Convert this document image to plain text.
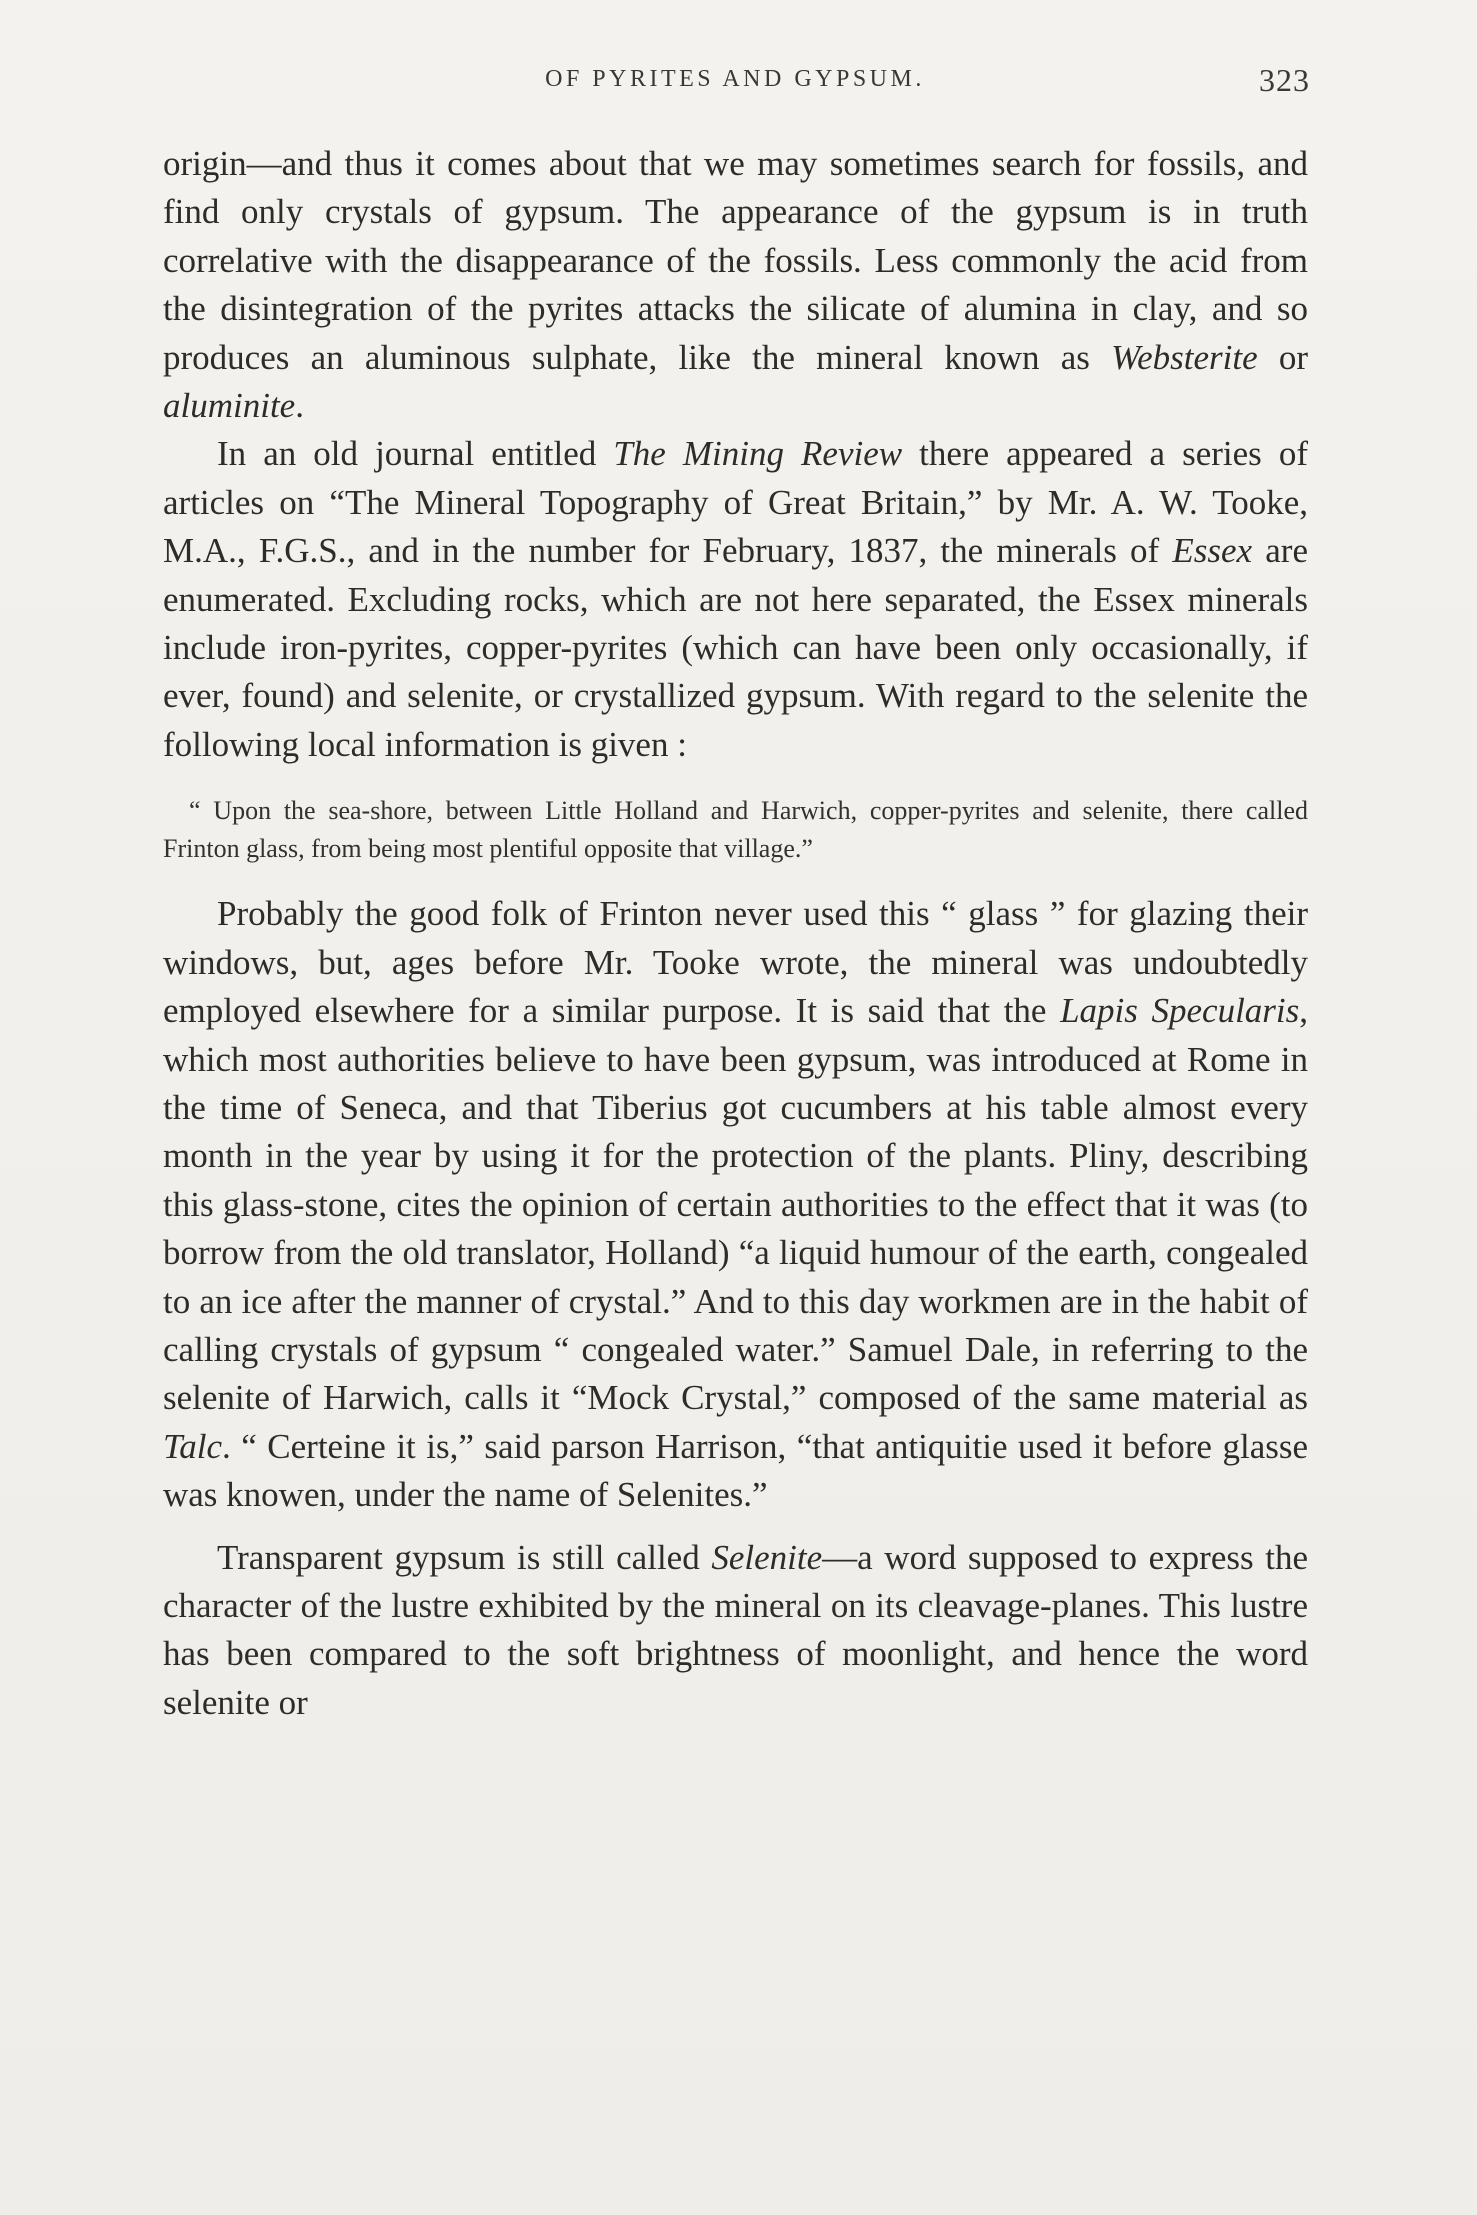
OF PYRITES AND GYPSUM.	323

origin—and thus it comes about that we may sometimes search for fossils, and find only crystals of gypsum. The appearance of the gypsum is in truth correlative with the disappearance of the fossils. Less commonly the acid from the disintegration of the pyrites attacks the silicate of alumina in clay, and so produces an aluminous sulphate, like the mineral known as Websterite or aluminite.

In an old journal entitled The Mining Review there appeared a series of articles on “The Mineral Topography of Great Britain,” by Mr. A. W. Tooke, M.A., F.G.S., and in the number for February, 1837, the minerals of Essex are enumerated. Excluding rocks, which are not here separated, the Essex minerals include iron-pyrites, copper-pyrites (which can have been only occasionally, if ever, found) and selenite, or crystallized gypsum. With regard to the selenite the following local information is given :

“ Upon the sea-shore, between Little Holland and Harwich, copper-pyrites and selenite, there called Frinton glass, from being most plentiful opposite that village.”

Probably the good folk of Frinton never used this “ glass ” for glazing their windows, but, ages before Mr. Tooke wrote, the mineral was undoubtedly employed elsewhere for a similar purpose. It is said that the Lapis Specularis, which most authorities believe to have been gypsum, was introduced at Rome in the time of Seneca, and that Tiberius got cucumbers at his table almost every month in the year by using it for the protection of the plants. Pliny, describing this glass-stone, cites the opinion of certain authorities to the effect that it was (to borrow from the old translator, Holland) “a liquid humour of the earth, congealed to an ice after the manner of crystal.” And to this day workmen are in the habit of calling crystals of gypsum “ congealed water.” Samuel Dale, in referring to the selenite of Harwich, calls it “Mock Crystal,” composed of the same material as Talc. “ Certeine it is,” said parson Harrison, “that antiquitie used it before glasse was knowen, under the name of Selenites.”

Transparent gypsum is still called Selenite—a word supposed to express the character of the lustre exhibited by the mineral on its cleavage-planes. This lustre has been compared to the soft brightness of moonlight, and hence the word selenite or
